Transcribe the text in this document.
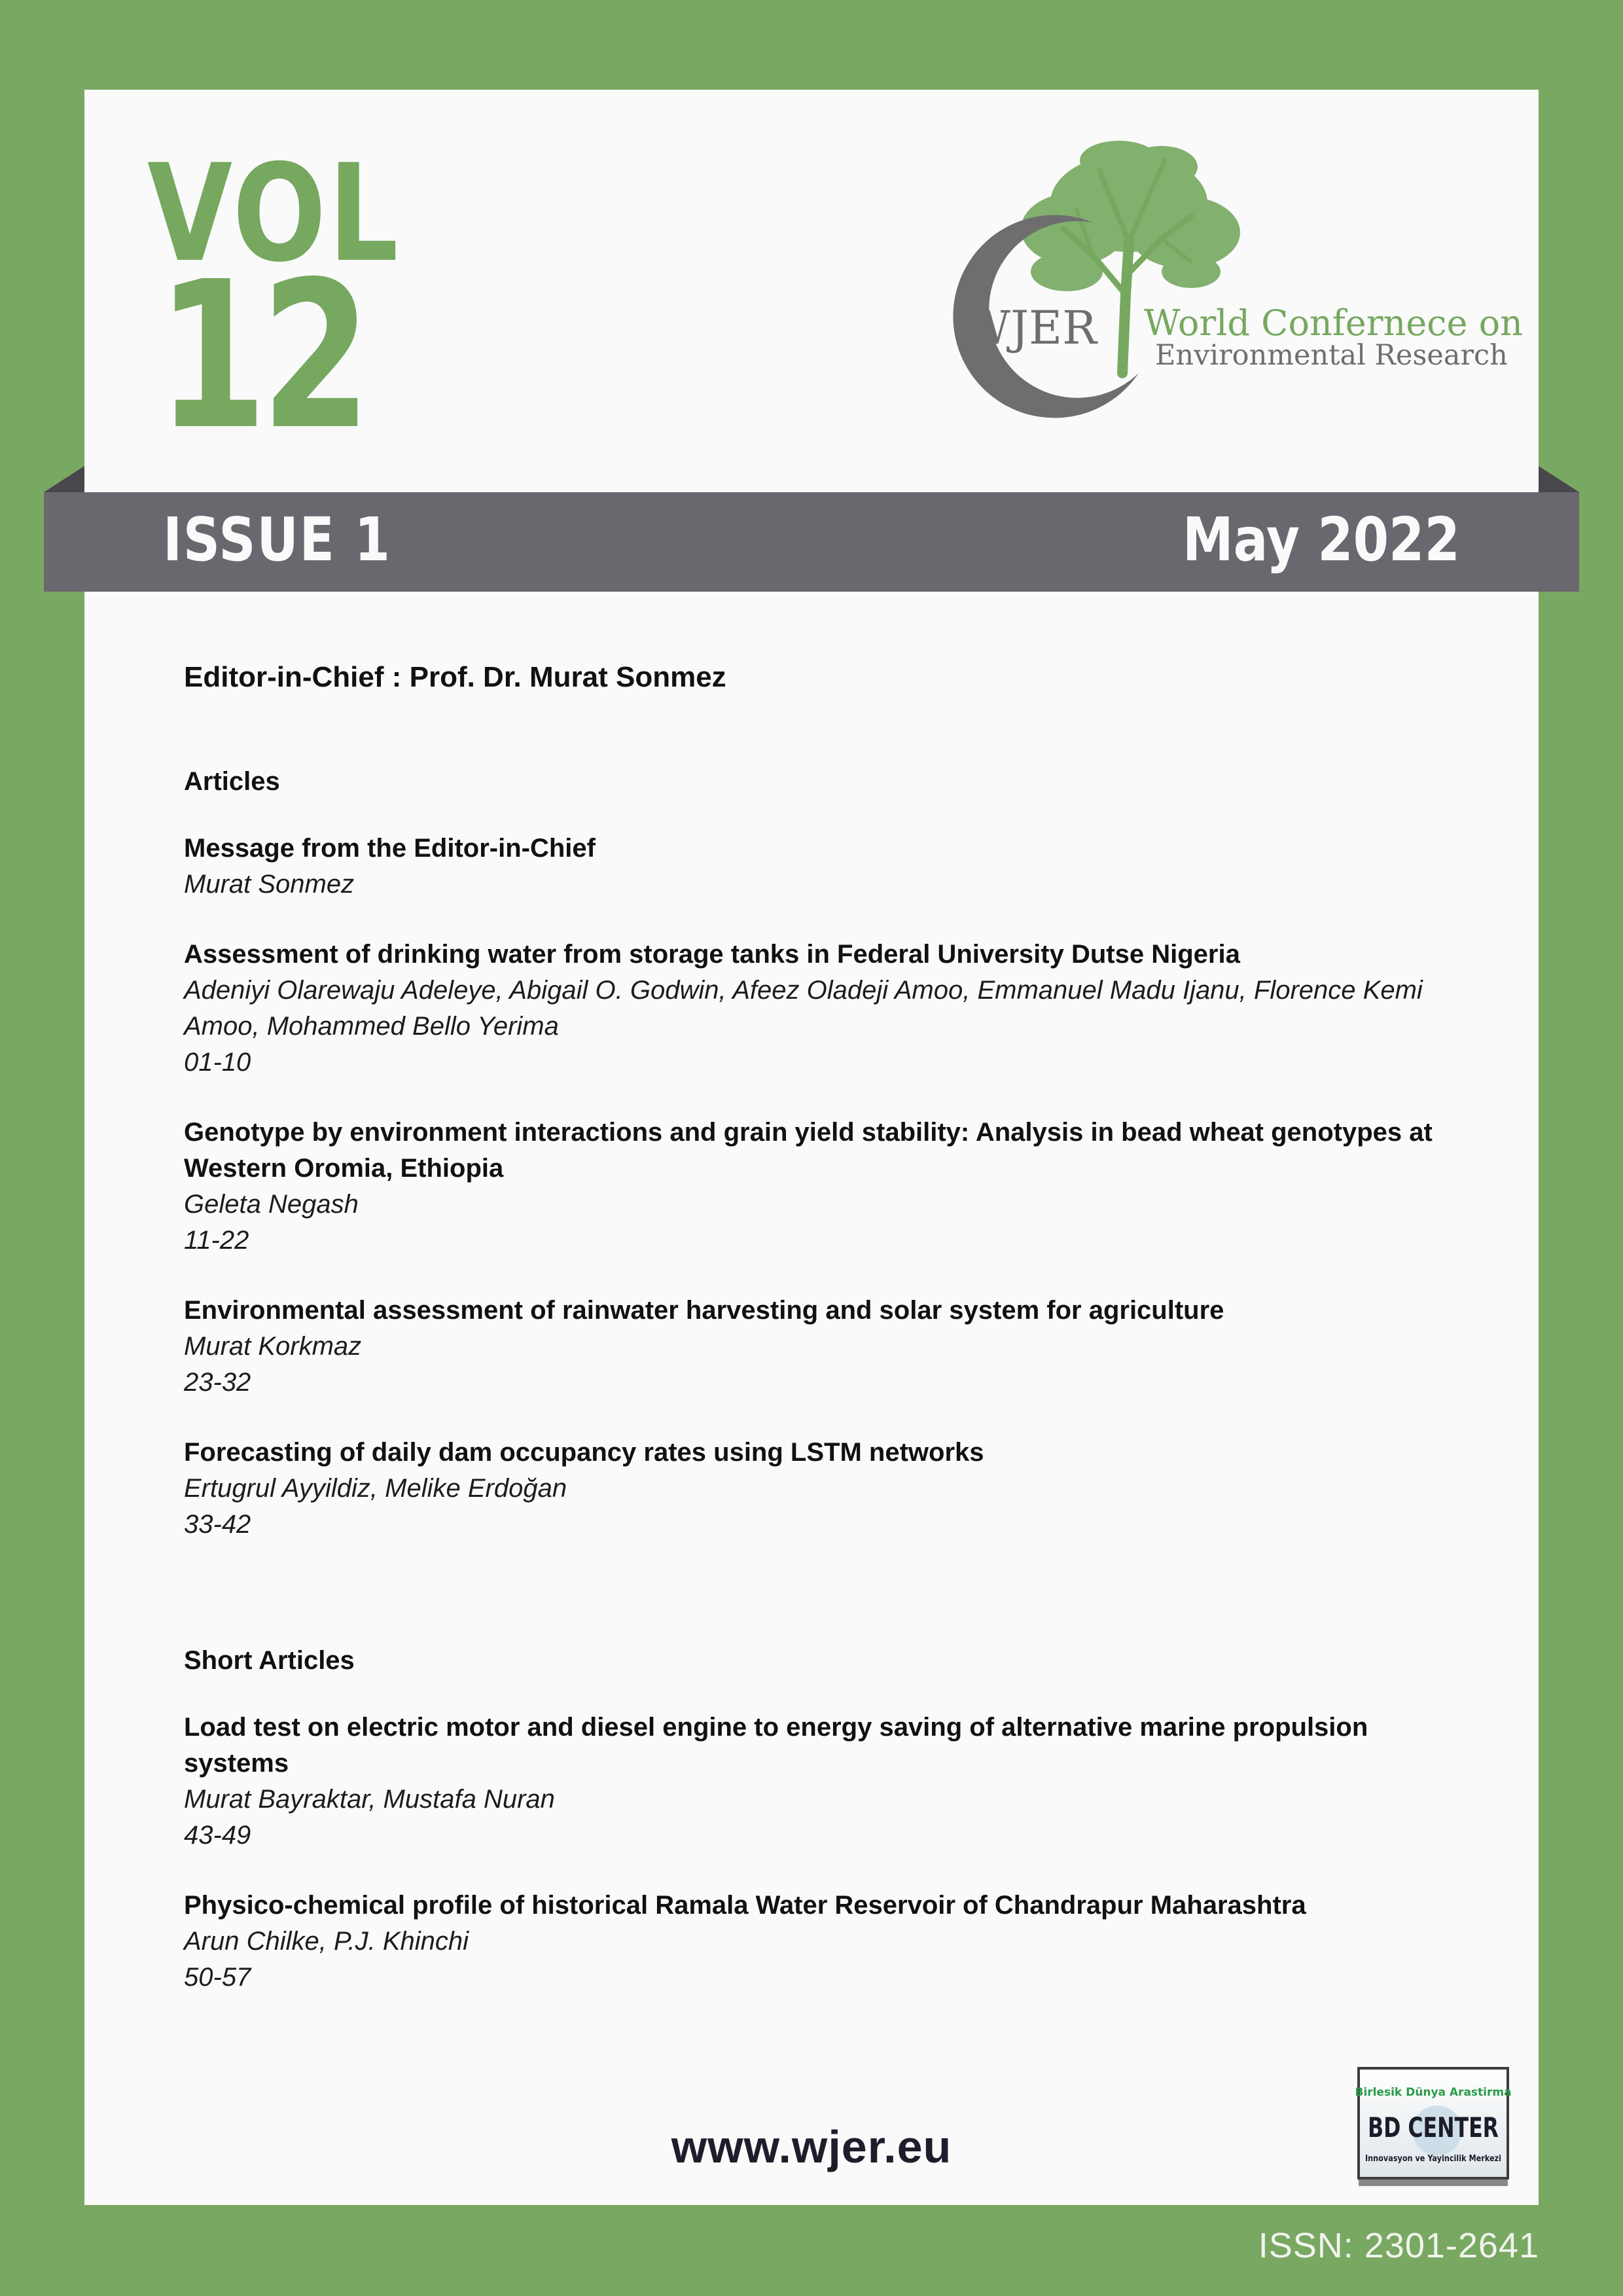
VOL
12	WJER World Confernece on
Environmental Research
ISSUE 1	May 2022

Editor-in-Chief : Prof. Dr. Murat Sonmez

Articles

Message from the Editor-in-Chief

Murat Sonmez

Assessment of drinking water from storage tanks in Federal University Dutse Nigeria

Adeniyi Olarewaju Adeleye, Abigail O. Godwin, Afeez Oladeji Amoo, Emmanuel Madu Ijanu, Florence Kemi Amoo, Mohammed Bello Yerima

01-10

Genotype by environment interactions and grain yield stability: Analysis in bead wheat genotypes at Western Oromia, Ethiopia

Geleta Negash

11-22

Environmental assessment of rainwater harvesting and solar system for agriculture

Murat Korkmaz

23-32

Forecasting of daily dam occupancy rates using LSTM networks

Ertugrul Ayyildiz, Melike Erdoğan

33-42

Short Articles

Load test on electric motor and diesel engine to energy saving of alternative marine propulsion systems

Murat Bayraktar, Mustafa Nuran

43-49

Physico-chemical profile of historical Ramala Water Reservoir of Chandrapur Maharashtra

Arun Chilke, P.J. Khinchi

50-57

www.wjer.eu
Birlesik Dünya Arastirma
BD CENTER
Innovasyon ve Yayincilik Merkezi
ISSN: 2301-2641
